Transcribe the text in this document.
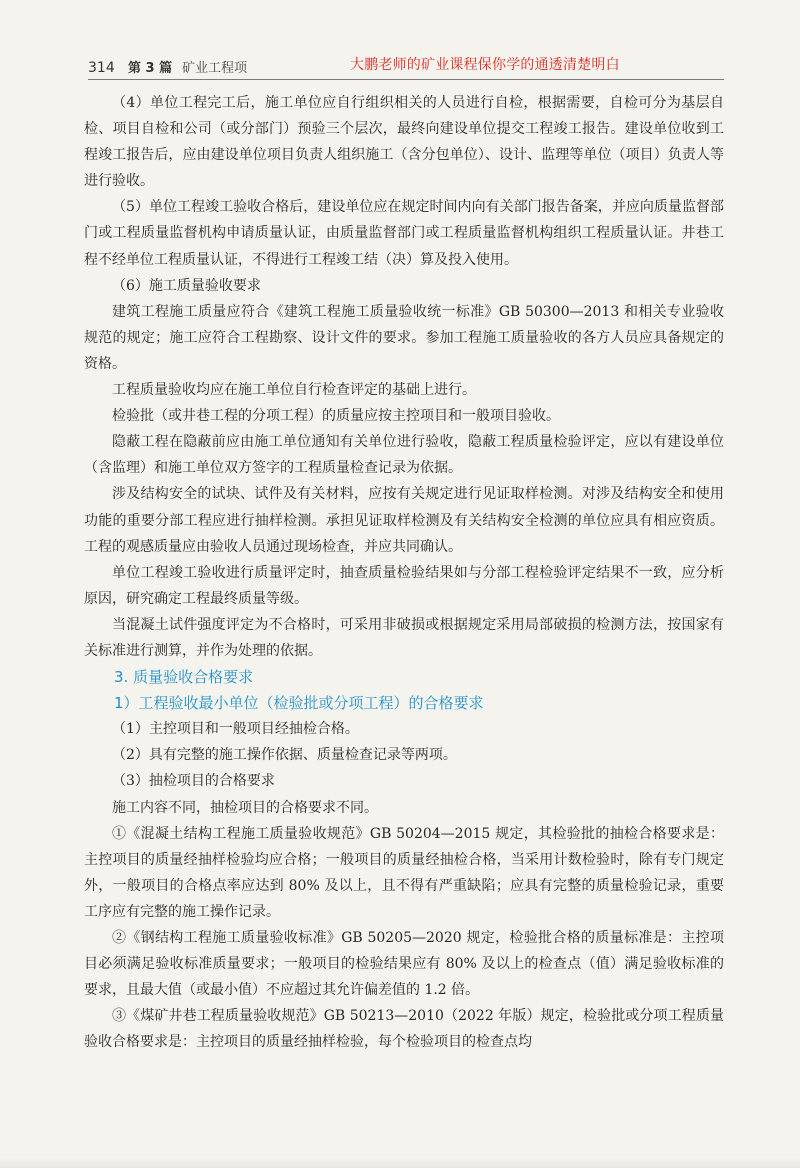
314	第 3 篇 矿业工程项	大鹏老师的矿业课程保你学的通透清楚明白

（4）单位工程完工后，施工单位应自行组织相关的人员进行自检，根据需要，自检可分为基层自检、项目自检和公司（或分部门）预验三个层次，最终向建设单位提交工程竣工报告。建设单位收到工程竣工报告后，应由建设单位项目负责人组织施工（含分包单位）、设计、监理等单位（项目）负责人等进行验收。

（5）单位工程竣工验收合格后，建设单位应在规定时间内向有关部门报告备案，并应向质量监督部门或工程质量监督机构申请质量认证，由质量监督部门或工程质量监督机构组织工程质量认证。井巷工程不经单位工程质量认证，不得进行工程竣工结（决）算及投入使用。

（6）施工质量验收要求

建筑工程施工质量应符合《建筑工程施工质量验收统一标准》GB 50300—2013 和相关专业验收规范的规定；施工应符合工程勘察、设计文件的要求。参加工程施工质量验收的各方人员应具备规定的资格。

工程质量验收均应在施工单位自行检查评定的基础上进行。

检验批（或井巷工程的分项工程）的质量应按主控项目和一般项目验收。

隐蔽工程在隐蔽前应由施工单位通知有关单位进行验收，隐蔽工程质量检验评定，应以有建设单位（含监理）和施工单位双方签字的工程质量检查记录为依据。

涉及结构安全的试块、试件及有关材料，应按有关规定进行见证取样检测。对涉及结构安全和使用功能的重要分部工程应进行抽样检测。承担见证取样检测及有关结构安全检测的单位应具有相应资质。工程的观感质量应由验收人员通过现场检查，并应共同确认。

单位工程竣工验收进行质量评定时，抽查质量检验结果如与分部工程检验评定结果不一致，应分析原因，研究确定工程最终质量等级。

当混凝土试件强度评定为不合格时，可采用非破损或根据规定采用局部破损的检测方法，按国家有关标准进行测算，并作为处理的依据。

3. 质量验收合格要求
1）工程验收最小单位（检验批或分项工程）的合格要求

（1）主控项目和一般项目经抽检合格。

（2）具有完整的施工操作依据、质量检查记录等两项。

（3）抽检项目的合格要求

施工内容不同，抽检项目的合格要求不同。

①《混凝土结构工程施工质量验收规范》GB 50204—2015 规定，其检验批的抽检合格要求是：主控项目的质量经抽样检验均应合格；一般项目的质量经抽检合格，当采用计数检验时，除有专门规定外，一般项目的合格点率应达到 80% 及以上，且不得有严重缺陷；应具有完整的质量检验记录，重要工序应有完整的施工操作记录。

②《钢结构工程施工质量验收标准》GB 50205—2020 规定，检验批合格的质量标准是：主控项目必须满足验收标准质量要求；一般项目的检验结果应有 80% 及以上的检查点（值）满足验收标准的要求，且最大值（或最小值）不应超过其允许偏差值的 1.2 倍。

③《煤矿井巷工程质量验收规范》GB 50213—2010（2022 年版）规定，检验批或分项工程质量验收合格要求是：主控项目的质量经抽样检验，每个检验项目的检查点均
